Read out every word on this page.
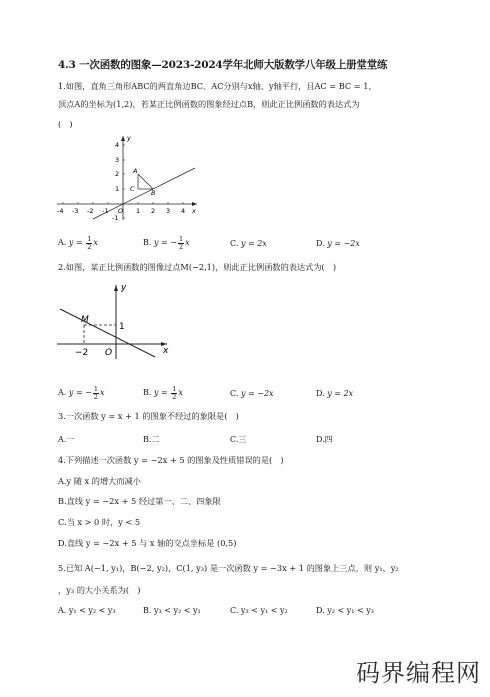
4.3 一次函数的图象—2023-2024学年北师大版数学八年级上册堂堂练
1.如图，直角三角形ABC的两直角边BC、AC分别与x轴、y轴平行，且AC = BC = 1，
顶点A的坐标为(1,2)，若某正比例函数的图象经过点B，则此正比例函数的表达式为
(　)
-4 -3 -2 -1 O 1 2 3 4 x
y
4
3
2
1
-1
A
B
C
A. $y = \frac{1}{2}$ x	B. y = − $\frac{1}{2}$ x	C. y = 2x	D. y = −2x
2.如图，某正比例函数的图像过点M(−2,1)，则此正比例函数的表达式为(　)
y
x
M
1
−2 O
A. y = − $\frac{1}{2}$ x	B. $y = \frac{1}{2}$ x	C. y = −2x	D. y = 2x
3.一次函数 y = x + 1 的图象不经过的象限是(　)
A.一	B.二	C.三	D.四
4.下列描述一次函数 y = −2x + 5 的图象及性质错误的是(　)
A.y 随 x 的增大而减小
B.直线 y = −2x + 5 经过第一、二、四象限
C.当 x > 0 时，y < 5
D.直线 y = −2x + 5 与 x 轴的交点坐标是 (0,5)
5.已知 A(−1, y₁)，B(−2, y₂)，C(1, y₃) 是一次函数 y = −3x + 1 的图象上三点，则 y₁，y₂
，y₃ 的大小关系为(　)
A. y₁ < y₂ < y₃	B. y₃ < y₂ < y₁	C. y₃ < y₁ < y₂	D. y₂ < y₁ < y₃
码界编程网
